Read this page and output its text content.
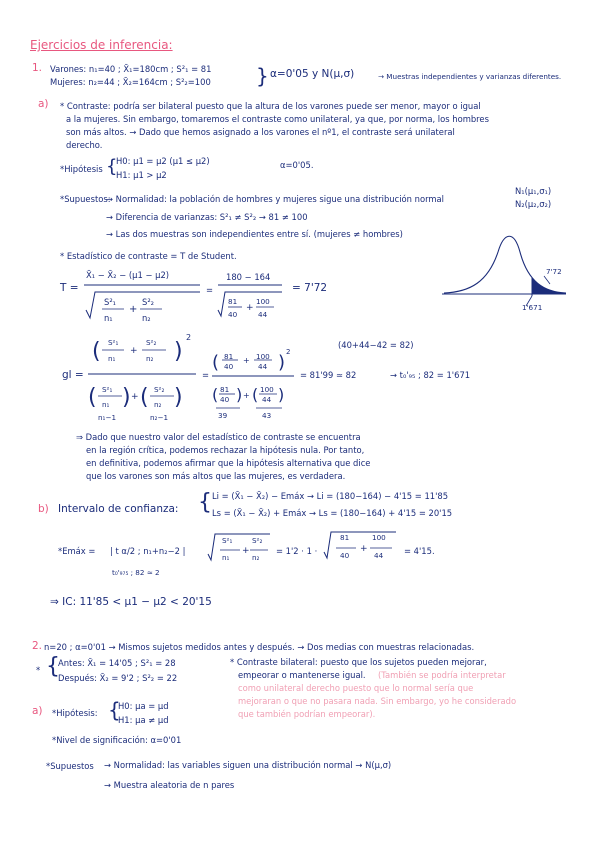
Ejercicios de inferencia:
1. Varones: n₁=40 ; X̄₁=180cm ; S²₁ = 81
Mujeres: n₂=44 ; X̄₂=164cm ; S²₂=100 } α=0'05 y N(μ,σ)	→ Muestras independientes y varianzas diferentes.
a) * Contraste: podría ser bilateral puesto que la altura de los varones puede ser menor, mayor o igual
a la mujeres. Sin embargo, tomaremos el contraste como unilateral, ya que, por norma, los hombres
son más altos. → Dado que hemos asignado a los varones el nº1, el contraste será unilateral
derecho.
*Hipótesis {
H0: μ1 = μ2 (μ1 ≤ μ2)
H1: μ1 > μ2
α=0'05.
*Supuestos:
→ Normalidad: la población de hombres y mujeres sigue una distribución normal
→ Diferencia de varianzas: S²₁ ≠ S²₂ → 81 ≠ 100
→ Las dos muestras son independientes entre sí. (mujeres ≠ hombres)
N₁(μ₁,σ₁)
N₂(μ₂,σ₂)
* Estadístico de contraste = T de Student.
T =
X̄₁ − X̄₂ − (μ1 − μ2)
+
S²₁	S²₂
n₁	n₂
=
180 − 164
+
81	100
40	44
= 7'72
7'72
1'671
(40+44−42 = 82)
gl =
(	)
2
+
( ) ( )
+
S²₁	S²₂
n₁	n₂
S²₁	S²₂
n₁	n₂
n₁−1	n₂−1
=
(	) 2
+
( ) ( )
+
81	100
40	44
81	100
40	44
39	43
= 81'99 ≃ 82	→ t₀'₉₅ ; 82 = 1'671
⇒ Dado que nuestro valor del estadístico de contraste se encuentra
en la región crítica, podemos rechazar la hipótesis nula. Por tanto,
en definitiva, podemos afirmar que la hipótesis alternativa que dice
que los varones son más altos que las mujeres, es verdadera.
b) Intervalo de confianza: { Li = (X̄₁ − X̄₂) − Emáx → Li = (180−164) − 4'15 = 11'85
Ls = (X̄₁ − X̄₂) + Emáx → Ls = (180−164) + 4'15 = 20'15
*Emáx = | t α/2 ; n₁+n₂−2 |
t₀'₉₇₅ ; 82 ≃ 2
+
S²₁	S²₂
n₁	n₂
= 1'2 · 1 ·	+
81	100
40	44 = 4'15.
⇒ IC: 11'85 < μ1 − μ2 < 20'15
2. n=20 ; α=0'01 → Mismos sujetos medidos antes y después. → Dos medias con muestras relacionadas.
* {
Antes: X̄₁ = 14'05 ; S²₁ = 28
Después: X̄₂ = 9'2 ; S²₂ = 22
* Contraste bilateral: puesto que los sujetos pueden mejorar,
empeorar o mantenerse igual. (También se podría interpretar
como unilateral derecho puesto que lo normal sería que
mejoraran o que no pasara nada. Sin embargo, yo he considerado
que también podrían empeorar).
a) *Hipótesis: {
H0: μa = μd
H1: μa ≠ μd
*Nivel de significación: α=0'01
*Supuestos → Normalidad: las variables siguen una distribución normal → N(μ,σ)
→ Muestra aleatoria de n pares
